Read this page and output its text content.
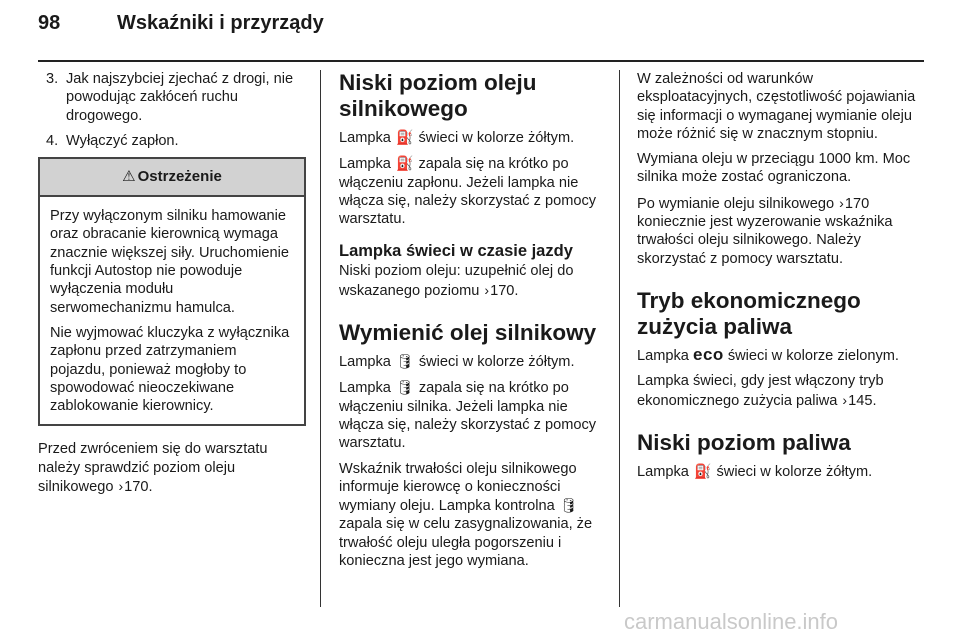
98	Wskaźniki i przyrządy
3. Jak najszybciej zjechać z drogi, nie powodując zakłóceń ruchu drogowego.
4. Wyłączyć zapłon.
⚠ Ostrzeżenie

Przy wyłączonym silniku hamowanie oraz obracanie kierownicą wymaga znacznie większej siły. Uruchomienie funkcji Autostop nie powoduje wyłączenia modułu serwomechanizmu hamulca.

Nie wyjmować kluczyka z wyłącznika zapłonu przed zatrzymaniem pojazdu, ponieważ mogłoby to spowodować nieoczekiwane zablokowanie kierownicy.

Przed zwróceniem się do warsztatu należy sprawdzić poziom oleju silnikowego ›170.

Niski poziom oleju silnikowego

Lampka ⛽ świeci w kolorze żółtym.

Lampka ⛽ zapala się na krótko po włączeniu zapłonu. Jeżeli lampka nie włącza się, należy skorzystać z pomocy warsztatu.

Lampka świeci w czasie jazdy

Niski poziom oleju: uzupełnić olej do wskazanego poziomu ›170.

Wymienić olej silnikowy

Lampka 🛢 świeci w kolorze żółtym.

Lampka 🛢 zapala się na krótko po włączeniu silnika. Jeżeli lampka nie włącza się, należy skorzystać z pomocy warsztatu.

Wskaźnik trwałości oleju silnikowego informuje kierowcę o konieczności wymiany oleju. Lampka kontrolna 🛢 zapala się w celu zasygnalizowania, że trwałość oleju uległa pogorszeniu i konieczna jest jego wymiana.

W zależności od warunków eksploatacyjnych, częstotliwość pojawiania się informacji o wymaganej wymianie oleju może różnić się w znacznym stopniu.

Wymiana oleju w przeciągu 1000 km. Moc silnika może zostać ograniczona.

Po wymianie oleju silnikowego ›170 koniecznie jest wyzerowanie wskaźnika trwałości oleju silnikowego. Należy skorzystać z pomocy warsztatu.

Tryb ekonomicznego zużycia paliwa

Lampka eco świeci w kolorze zielonym.

Lampka świeci, gdy jest włączony tryb ekonomicznego zużycia paliwa ›145.

Niski poziom paliwa

Lampka ⛽ świeci w kolorze żółtym.

carmanualsonline.info
